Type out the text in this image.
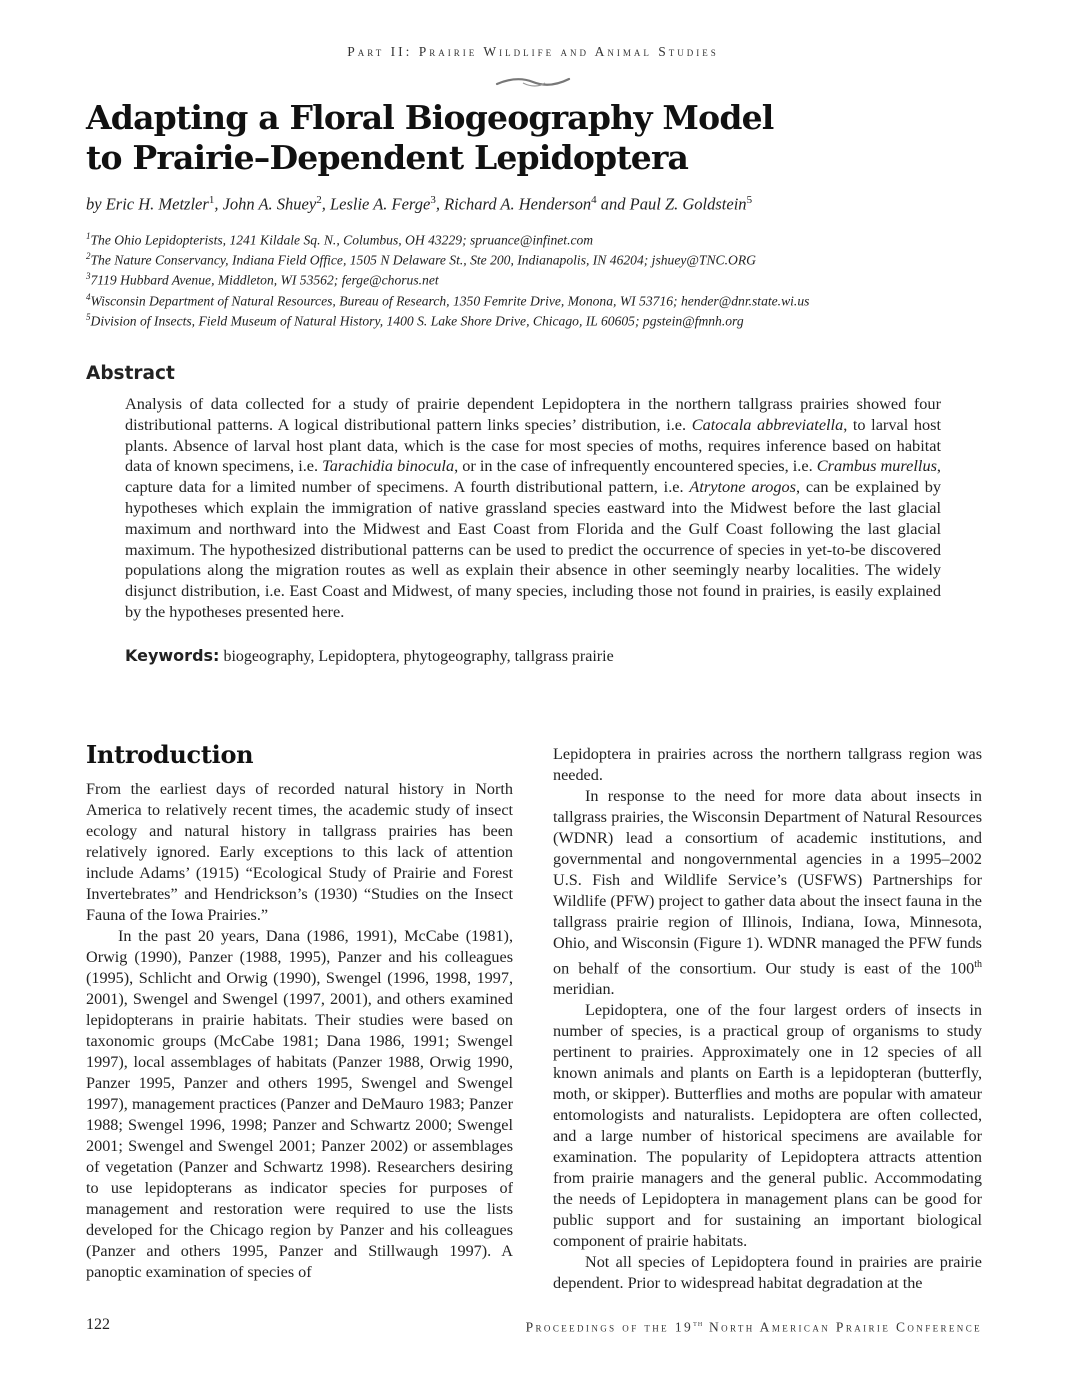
Part II: Prairie Wildlife and Animal Studies
Adapting a Floral Biogeography Model
to Prairie–Dependent Lepidoptera
by Eric H. Metzler$^1$, John A. Shuey$^2$, Leslie A. Ferge$^3$, Richard A. Henderson$^4$ and Paul Z. Goldstein$^5$
$^1$The Ohio Lepidopterists, 1241 Kildale Sq. N., Columbus, OH 43229; spruance@infinet.com
$^2$The Nature Conservancy, Indiana Field Office, 1505 N Delaware St., Ste 200, Indianapolis, IN 46204; jshuey@TNC.ORG
$^3$7119 Hubbard Avenue, Middleton, WI 53562; ferge@chorus.net
$^4$Wisconsin Department of Natural Resources, Bureau of Research, 1350 Femrite Drive, Monona, WI 53716; hender@dnr.state.wi.us
$^5$Division of Insects, Field Museum of Natural History, 1400 S. Lake Shore Drive, Chicago, IL 60605; pgstein@fmnh.org
Abstract

Analysis of data collected for a study of prairie dependent Lepidoptera in the northern tallgrass prairies showed four distributional patterns. A logical distributional pattern links species’ distribution, i.e. Catocala abbreviatella, to larval host plants. Absence of larval host plant data, which is the case for most species of moths, requires inference based on habitat data of known specimens, i.e. Tarachidia binocula, or in the case of infrequently encountered species, i.e. Crambus murellus, capture data for a limited number of specimens. A fourth distributional pattern, i.e. Atrytone arogos, can be explained by hypotheses which explain the immigration of native grassland species eastward into the Midwest before the last glacial maximum and northward into the Midwest and East Coast from Florida and the Gulf Coast following the last glacial maximum. The hypothesized distributional patterns can be used to predict the occurrence of species in yet-to-be discovered populations along the migration routes as well as explain their absence in other seemingly nearby localities. The widely disjunct distribution, i.e. East Coast and Midwest, of many species, including those not found in prairies, is easily explained by the hypotheses presented here.

Keywords: biogeography, Lepidoptera, phytogeography, tallgrass prairie
Introduction

From the earliest days of recorded natural history in North America to relatively recent times, the academic study of insect ecology and natural history in tallgrass prairies has been relatively ignored. Early exceptions to this lack of attention include Adams’ (1915) “Ecological Study of Prairie and Forest Invertebrates” and Hendrickson’s (1930) “Studies on the Insect Fauna of the Iowa Prairies.”

In the past 20 years, Dana (1986, 1991), McCabe (1981), Orwig (1990), Panzer (1988, 1995), Panzer and his colleagues (1995), Schlicht and Orwig (1990), Swengel (1996, 1998, 1997, 2001), Swengel and Swengel (1997, 2001), and others examined lepidopterans in prairie habitats. Their studies were based on taxonomic groups (McCabe 1981; Dana 1986, 1991; Swengel 1997), local assemblages of habitats (Panzer 1988, Orwig 1990, Panzer 1995, Panzer and others 1995, Swengel and Swengel 1997), management practices (Panzer and DeMauro 1983; Panzer 1988; Swengel 1996, 1998; Panzer and Schwartz 2000; Swengel 2001; Swengel and Swengel 2001; Panzer 2002) or assemblages of vegetation (Panzer and Schwartz 1998). Researchers desiring to use lepidopterans as indicator species for purposes of management and restoration were required to use the lists developed for the Chicago region by Panzer and his colleagues (Panzer and others 1995, Panzer and Stillwaugh 1997). A panoptic examination of species of

Lepidoptera in prairies across the northern tallgrass region was needed.

In response to the need for more data about insects in tallgrass prairies, the Wisconsin Department of Natural Resources (WDNR) lead a consortium of academic institutions, and governmental and nongovernmental agencies in a 1995–2002 U.S. Fish and Wildlife Service’s (USFWS) Partnerships for Wildlife (PFW) project to gather data about the insect fauna in the tallgrass prairie region of Illinois, Indiana, Iowa, Minnesota, Ohio, and Wisconsin (Figure 1). WDNR managed the PFW funds on behalf of the consortium. Our study is east of the 100th meridian.

Lepidoptera, one of the four largest orders of insects in number of species, is a practical group of organisms to study pertinent to prairies. Approximately one in 12 species of all known animals and plants on Earth is a lepidopteran (butterfly, moth, or skipper). Butterflies and moths are popular with amateur entomologists and naturalists. Lepidoptera are often collected, and a large number of historical specimens are available for examination. The popularity of Lepidoptera attracts attention from prairie managers and the general public. Accommodating the needs of Lepidoptera in management plans can be good for public support and for sustaining an important biological component of prairie habitats.

Not all species of Lepidoptera found in prairies are prairie dependent. Prior to widespread habitat degradation at the

122	Proceedings of the 19th North American Prairie Conference
